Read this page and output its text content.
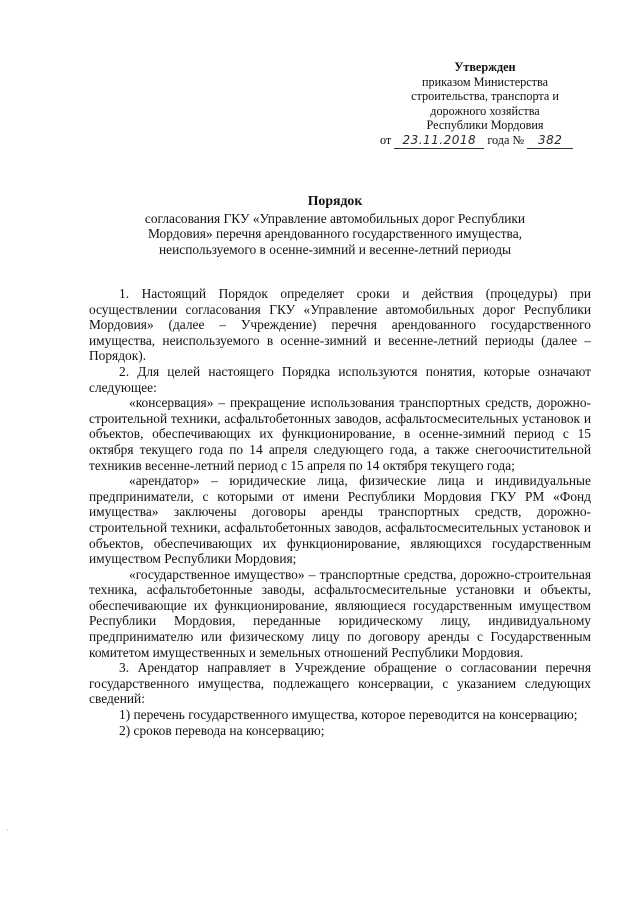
Утвержден
приказом Министерства
строительства, транспорта и
дорожного хозяйства
Республики Мордовия
от 23.11.2018 года № 382
Порядок
согласования ГКУ «Управление автомобильных дорог Республики
Мордовия» перечня арендованного государственного имущества,
неиспользуемого в осенне-зимний и весенне-летний периоды

1. Настоящий Порядок определяет сроки и действия (процедуры) при осуществлении согласования ГКУ «Управление автомобильных дорог Республики Мордовия» (далее – Учреждение) перечня арендованного государственного имущества, неиспользуемого в осенне-зимний и весенне-летний периоды (далее – Порядок).

2. Для целей настоящего Порядка используются понятия, которые означают следующее:

«консервация» – прекращение использования транспортных средств, дорожно-строительной техники, асфальтобетонных заводов, асфальтосмесительных установок и объектов, обеспечивающих их функционирование, в осенне-зимний период с 15 октября текущего года по 14 апреля следующего года, а также снегоочистительной техникив весенне-летний период с 15 апреля по 14 октября текущего года;

«арендатор» – юридические лица, физические лица и индивидуальные предприниматели, с которыми от имени Республики Мордовия ГКУ РМ «Фонд имущества» заключены договоры аренды транспортных средств, дорожно-строительной техники, асфальтобетонных заводов, асфальтосмесительных установок и объектов, обеспечивающих их функционирование, являющихся государственным имуществом Республики Мордовия;

«государственное имущество» – транспортные средства, дорожно-строительная техника, асфальтобетонные заводы, асфальтосмесительные установки и объекты, обеспечивающие их функционирование, являющиеся государственным имуществом Республики Мордовия, переданные юридическому лицу, индивидуальному предпринимателю или физическому лицу по договору аренды с Государственным комитетом имущественных и земельных отношений Республики Мордовия.

3. Арендатор направляет в Учреждение обращение о согласовании перечня государственного имущества, подлежащего консервации, с указанием следующих сведений:

1) перечень государственного имущества, которое переводится на консервацию;

2) сроков перевода на консервацию;

·
